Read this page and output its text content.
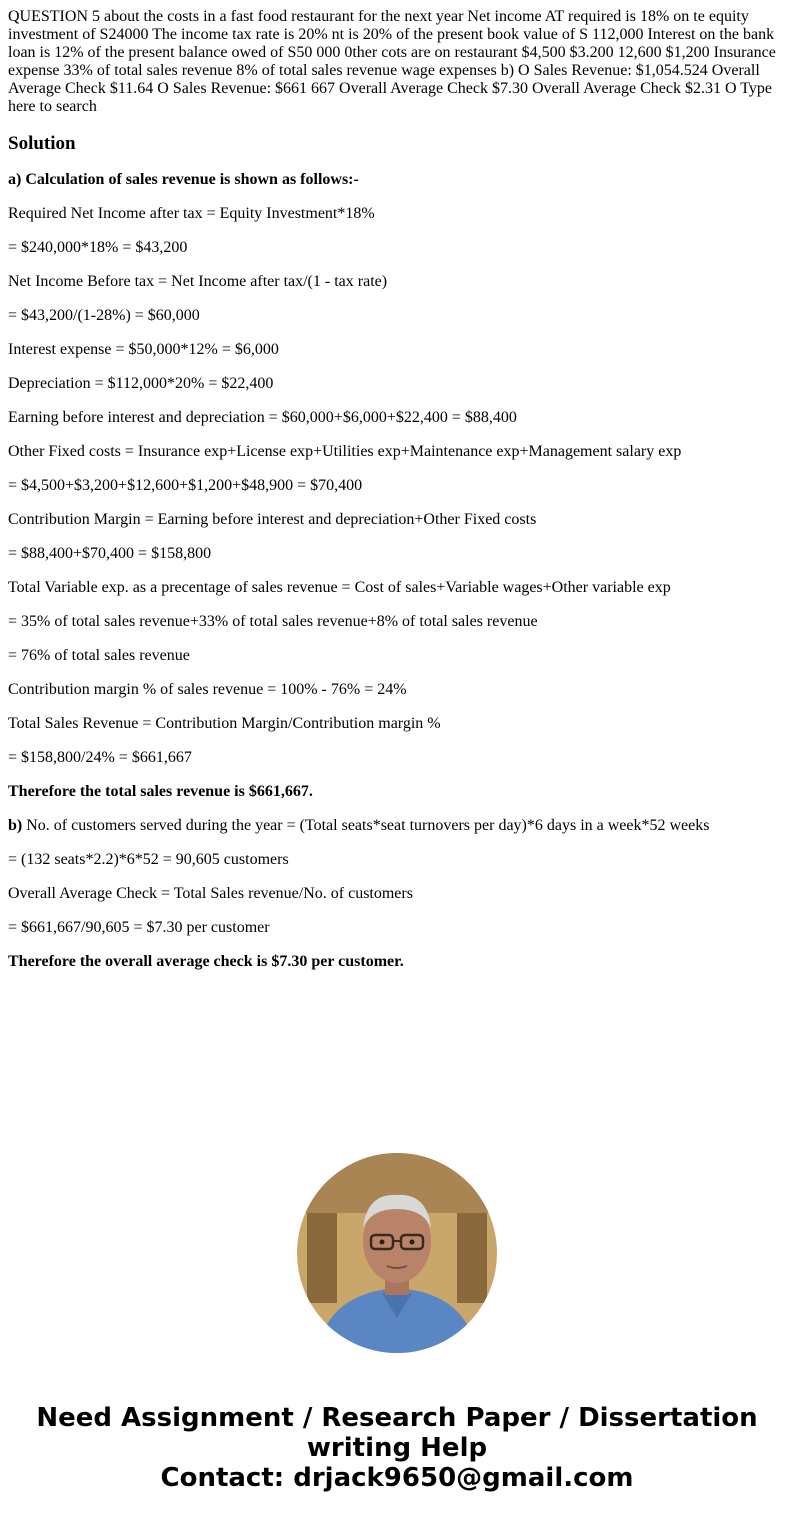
QUESTION 5 about the costs in a fast food restaurant for the next year Net income AT required is 18% on te equity investment of S24000 The income tax rate is 20% nt is 20% of the present book value of S 112,000 Interest on the bank loan is 12% of the present balance owed of S50 000 0ther cots are on restaurant $4,500 $3.200 12,600 $1,200 Insurance expense 33% of total sales revenue 8% of total sales revenue wage expenses b) O Sales Revenue: $1,054.524 Overall Average Check $11.64 O Sales Revenue: $661 667 Overall Average Check $7.30 Overall Average Check $2.31 O Type here to search

Solution

a) Calculation of sales revenue is shown as follows:-

Required Net Income after tax = Equity Investment*18%

= $240,000*18% = $43,200

Net Income Before tax = Net Income after tax/(1 - tax rate)

= $43,200/(1-28%) = $60,000

Interest expense = $50,000*12% = $6,000

Depreciation = $112,000*20% = $22,400

Earning before interest and depreciation = $60,000+$6,000+$22,400 = $88,400

Other Fixed costs = Insurance exp+License exp+Utilities exp+Maintenance exp+Management salary exp

= $4,500+$3,200+$12,600+$1,200+$48,900 = $70,400

Contribution Margin = Earning before interest and depreciation+Other Fixed costs

= $88,400+$70,400 = $158,800

Total Variable exp. as a precentage of sales revenue = Cost of sales+Variable wages+Other variable exp

= 35% of total sales revenue+33% of total sales revenue+8% of total sales revenue

= 76% of total sales revenue

Contribution margin % of sales revenue = 100% - 76% = 24%

Total Sales Revenue = Contribution Margin/Contribution margin %

= $158,800/24% = $661,667

Therefore the total sales revenue is $661,667.

b) No. of customers served during the year = (Total seats*seat turnovers per day)*6 days in a week*52 weeks

= (132 seats*2.2)*6*52 = 90,605 customers

Overall Average Check = Total Sales revenue/No. of customers

= $661,667/90,605 = $7.30 per customer

Therefore the overall average check is $7.30 per customer.

Need Assignment / Research Paper / Dissertation
writing Help
Contact: drjack9650@gmail.com
